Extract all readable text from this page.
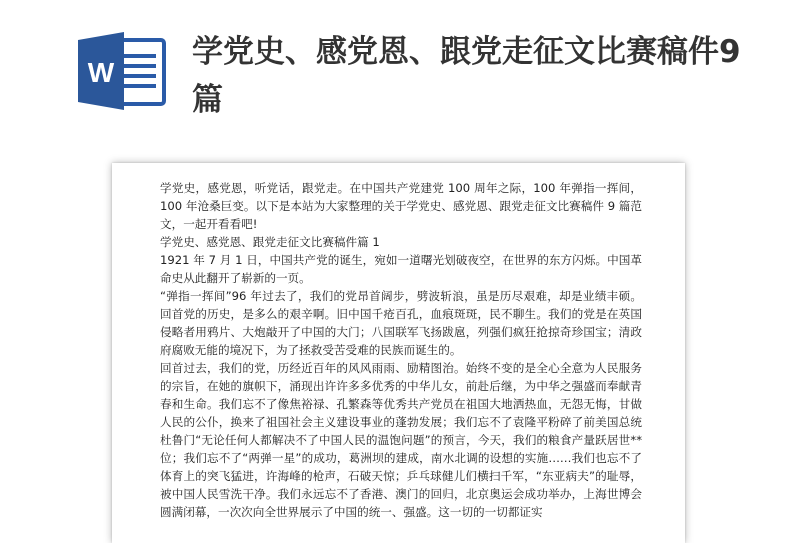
W
学党史、感党恩、跟党走征文比赛稿件9篇

学党史，感党恩，听党话，跟党走。在中国共产党建党 100 周年之际，100 年弹指一挥间，100 年沧桑巨变。以下是本站为大家整理的关于学党史、感党恩、跟党走征文比赛稿件 9 篇范文，一起开看看吧!

学党史、感党恩、跟党走征文比赛稿件篇 1

1921 年 7 月 1 日，中国共产党的诞生，宛如一道曙光划破夜空，在世界的东方闪烁。中国革命史从此翻开了崭新的一页。

“弹指一挥间”96 年过去了，我们的党昂首阔步，劈波斩浪，虽是历尽艰难，却是业绩丰硕。回首党的历史，是多么的艰辛啊。旧中国千疮百孔，血痕斑斑，民不聊生。我们的党是在英国侵略者用鸦片、大炮敲开了中国的大门；八国联军飞扬跋扈，列强们疯狂抢掠奇珍国宝；清政府腐败无能的境况下，为了拯救受苦受难的民族而诞生的。

回首过去，我们的党，历经近百年的风风雨雨、励精图治。始终不变的是全心全意为人民服务的宗旨，在她的旗帜下，涌现出许许多多优秀的中华儿女，前赴后继，为中华之强盛而奉献青春和生命。我们忘不了像焦裕禄、孔繁森等优秀共产党员在祖国大地洒热血，无怨无悔，甘做人民的公仆，换来了祖国社会主义建设事业的蓬勃发展；我们忘不了袁隆平粉碎了前美国总统杜鲁门“无论任何人都解决不了中国人民的温饱问题”的预言，今天，我们的粮食产量跃居世**位；我们忘不了“两弹一星”的成功，葛洲坝的建成，南水北调的设想的实施……我们也忘不了体育上的突飞猛进，许海峰的枪声，石破天惊；乒乓球健儿们横扫千军，“东亚病夫”的耻辱，被中国人民雪洗干净。我们永远忘不了香港、澳门的回归，北京奥运会成功举办，上海世博会圆满闭幕，一次次向全世界展示了中国的统一、强盛。这一切的一切都证实
